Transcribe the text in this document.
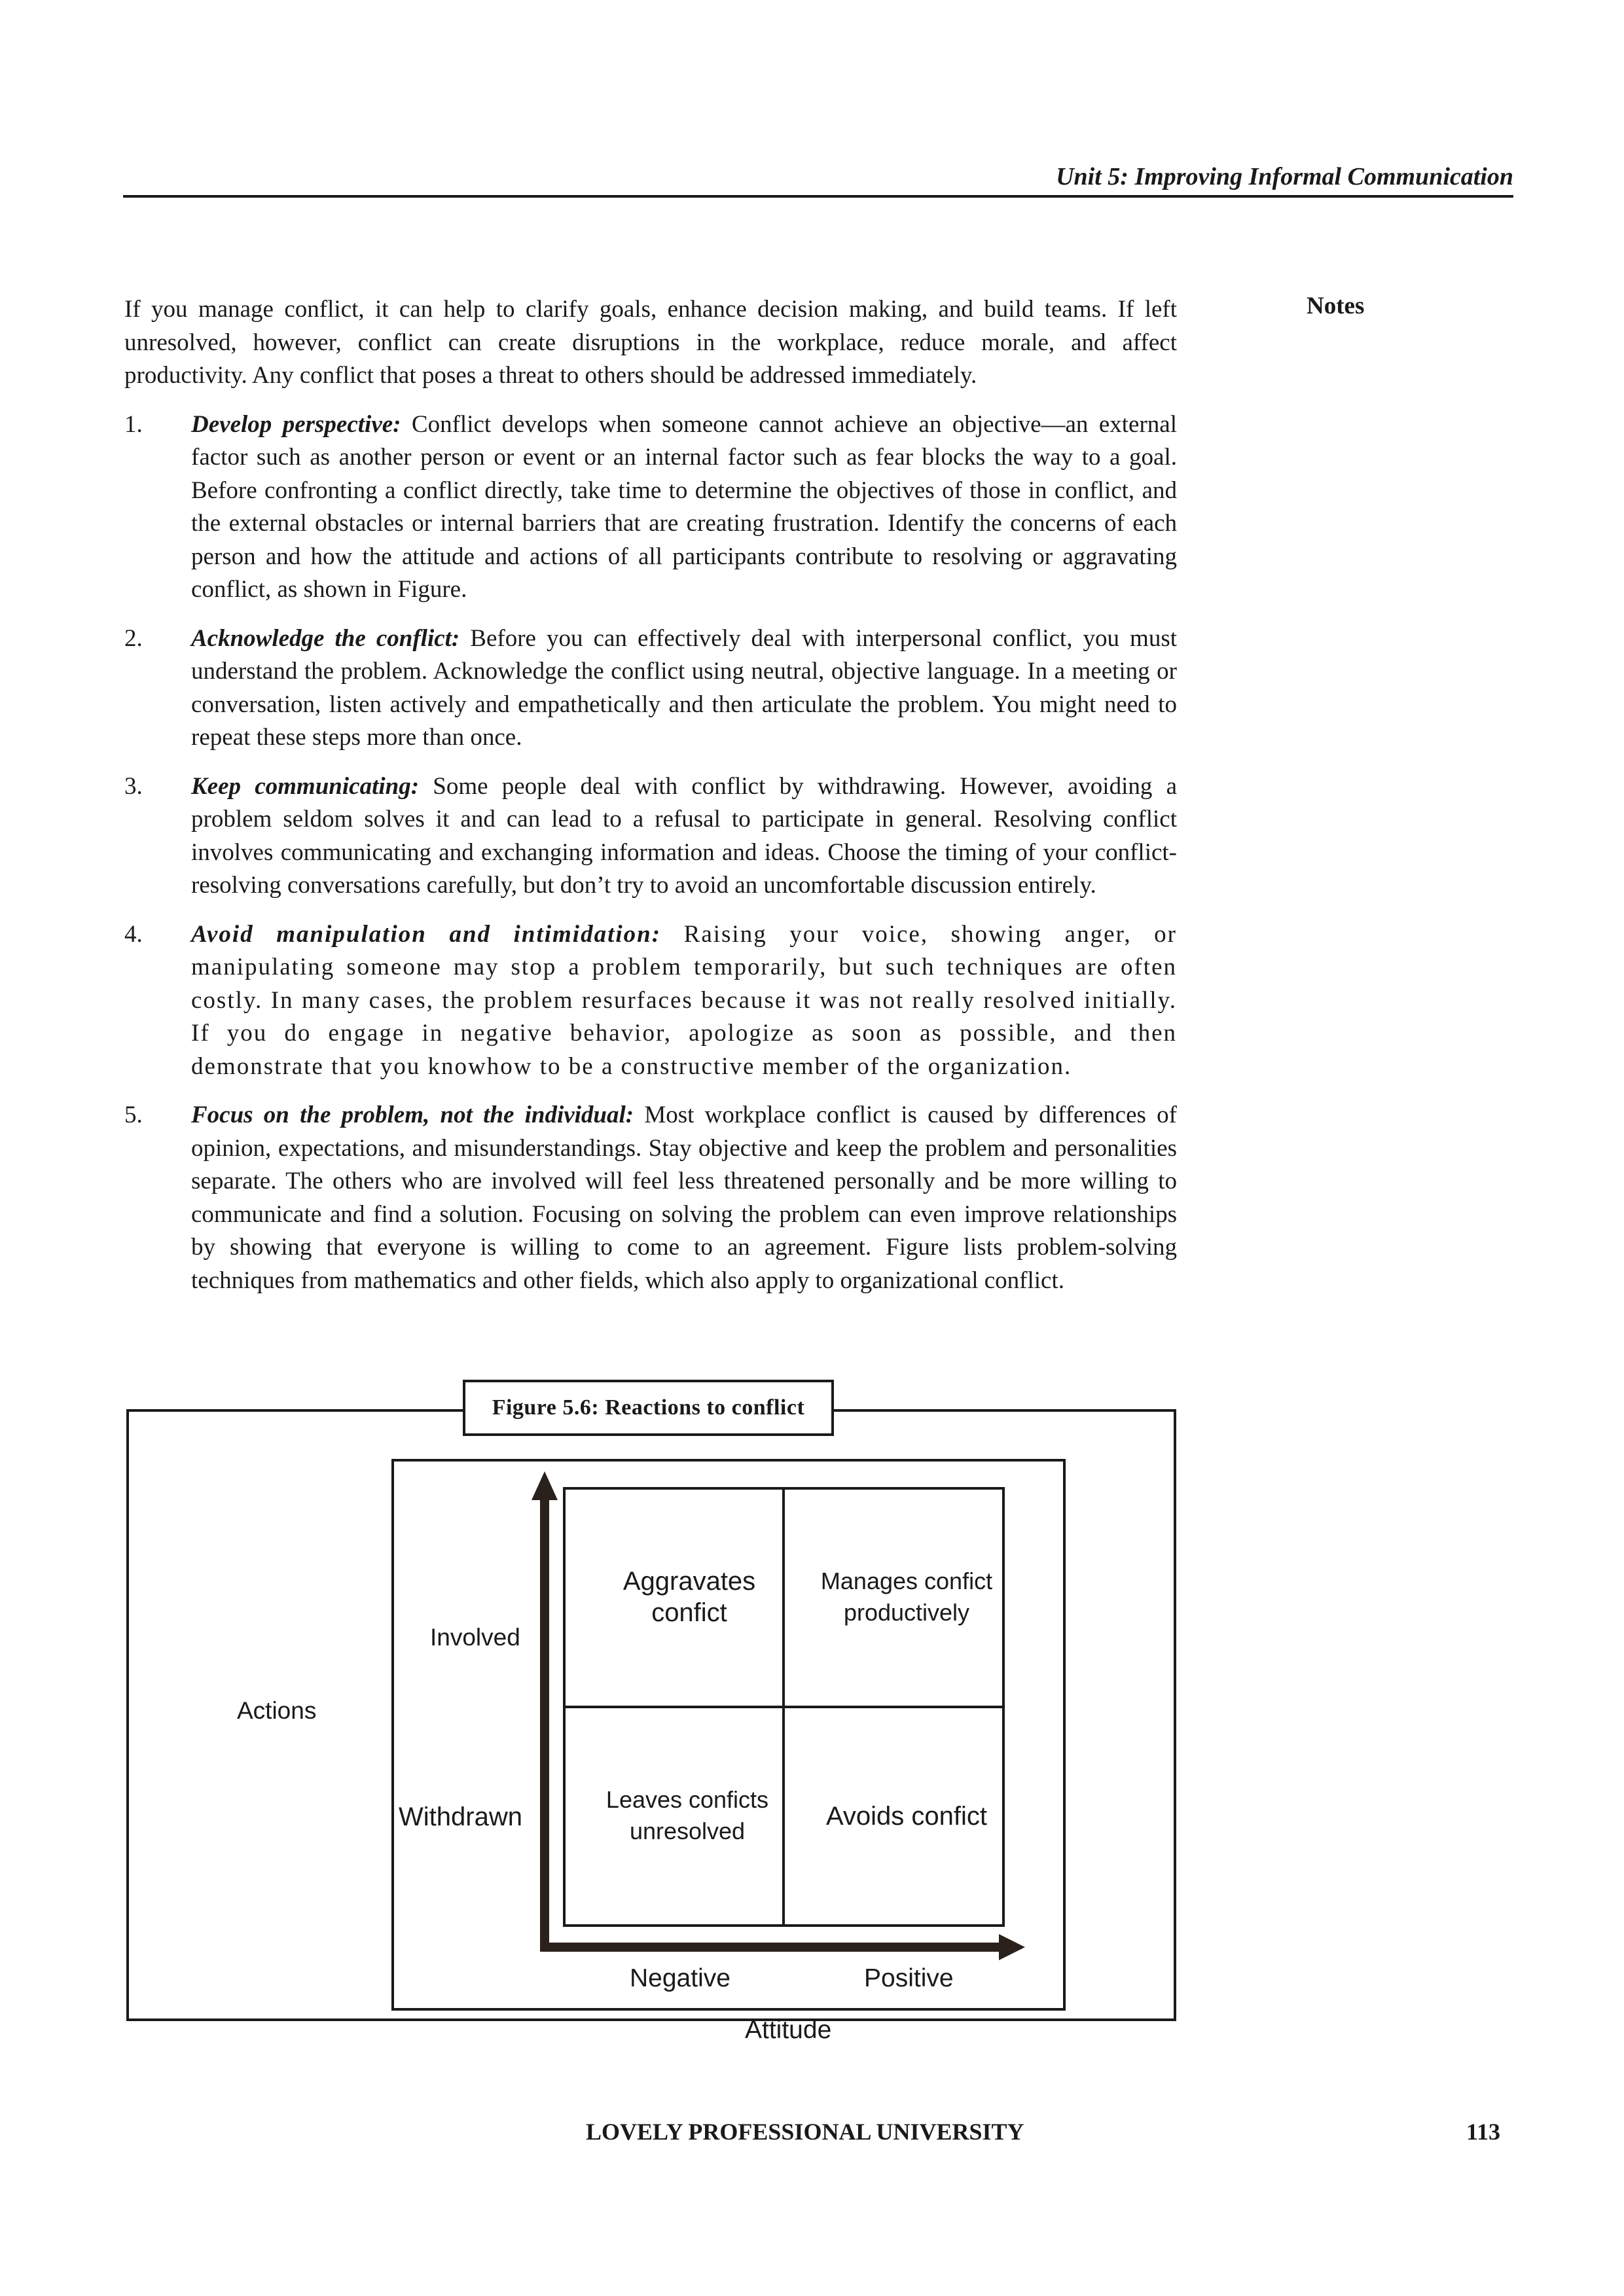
Unit 5: Improving Informal Communication
Notes

If you manage conflict, it can help to clarify goals, enhance decision making, and build teams. If left unresolved, however, conflict can create disruptions in the workplace, reduce morale, and affect productivity. Any conflict that poses a threat to others should be addressed immediately.

1. Develop perspective: Conflict develops when someone cannot achieve an objective—an external factor such as another person or event or an internal factor such as fear blocks the way to a goal. Before confronting a conflict directly, take time to determine the objectives of those in conflict, and the external obstacles or internal barriers that are creating frustration. Identify the concerns of each person and how the attitude and actions of all participants contribute to resolving or aggravating conflict, as shown in Figure.
2. Acknowledge the conflict: Before you can effectively deal with interpersonal conflict, you must understand the problem. Acknowledge the conflict using neutral, objective language. In a meeting or conversation, listen actively and empathetically and then articulate the problem. You might need to repeat these steps more than once.
3. Keep communicating: Some people deal with conflict by withdrawing. However, avoiding a problem seldom solves it and can lead to a refusal to participate in general. Resolving conflict involves communicating and exchanging information and ideas. Choose the timing of your conflict-resolving conversations carefully, but don’t try to avoid an uncomfortable discussion entirely.
4. Avoid manipulation and intimidation: Raising your voice, showing anger, or manipulating someone may stop a problem temporarily, but such techniques are often costly. In many cases, the problem resurfaces because it was not really resolved initially. If you do engage in negative behavior, apologize as soon as possible, and then demonstrate that you knowhow to be a constructive member of the organization.
5. Focus on the problem, not the individual: Most workplace conflict is caused by differences of opinion, expectations, and misunderstandings. Stay objective and keep the problem and personalities separate. The others who are involved will feel less threatened personally and be more willing to communicate and find a solution. Focusing on solving the problem can even improve relationships by showing that everyone is willing to come to an agreement. Figure lists problem-solving techniques from mathematics and other fields, which also apply to organizational conflict.
Figure 5.6: Reactions to conflict
Actions
Involved
Withdrawn
Negative	Positive
Attitude
Aggravates
confict
Manages confict
productively
Leaves conficts
unresolved
Avoids confict
LOVELY PROFESSIONAL UNIVERSITY	113
